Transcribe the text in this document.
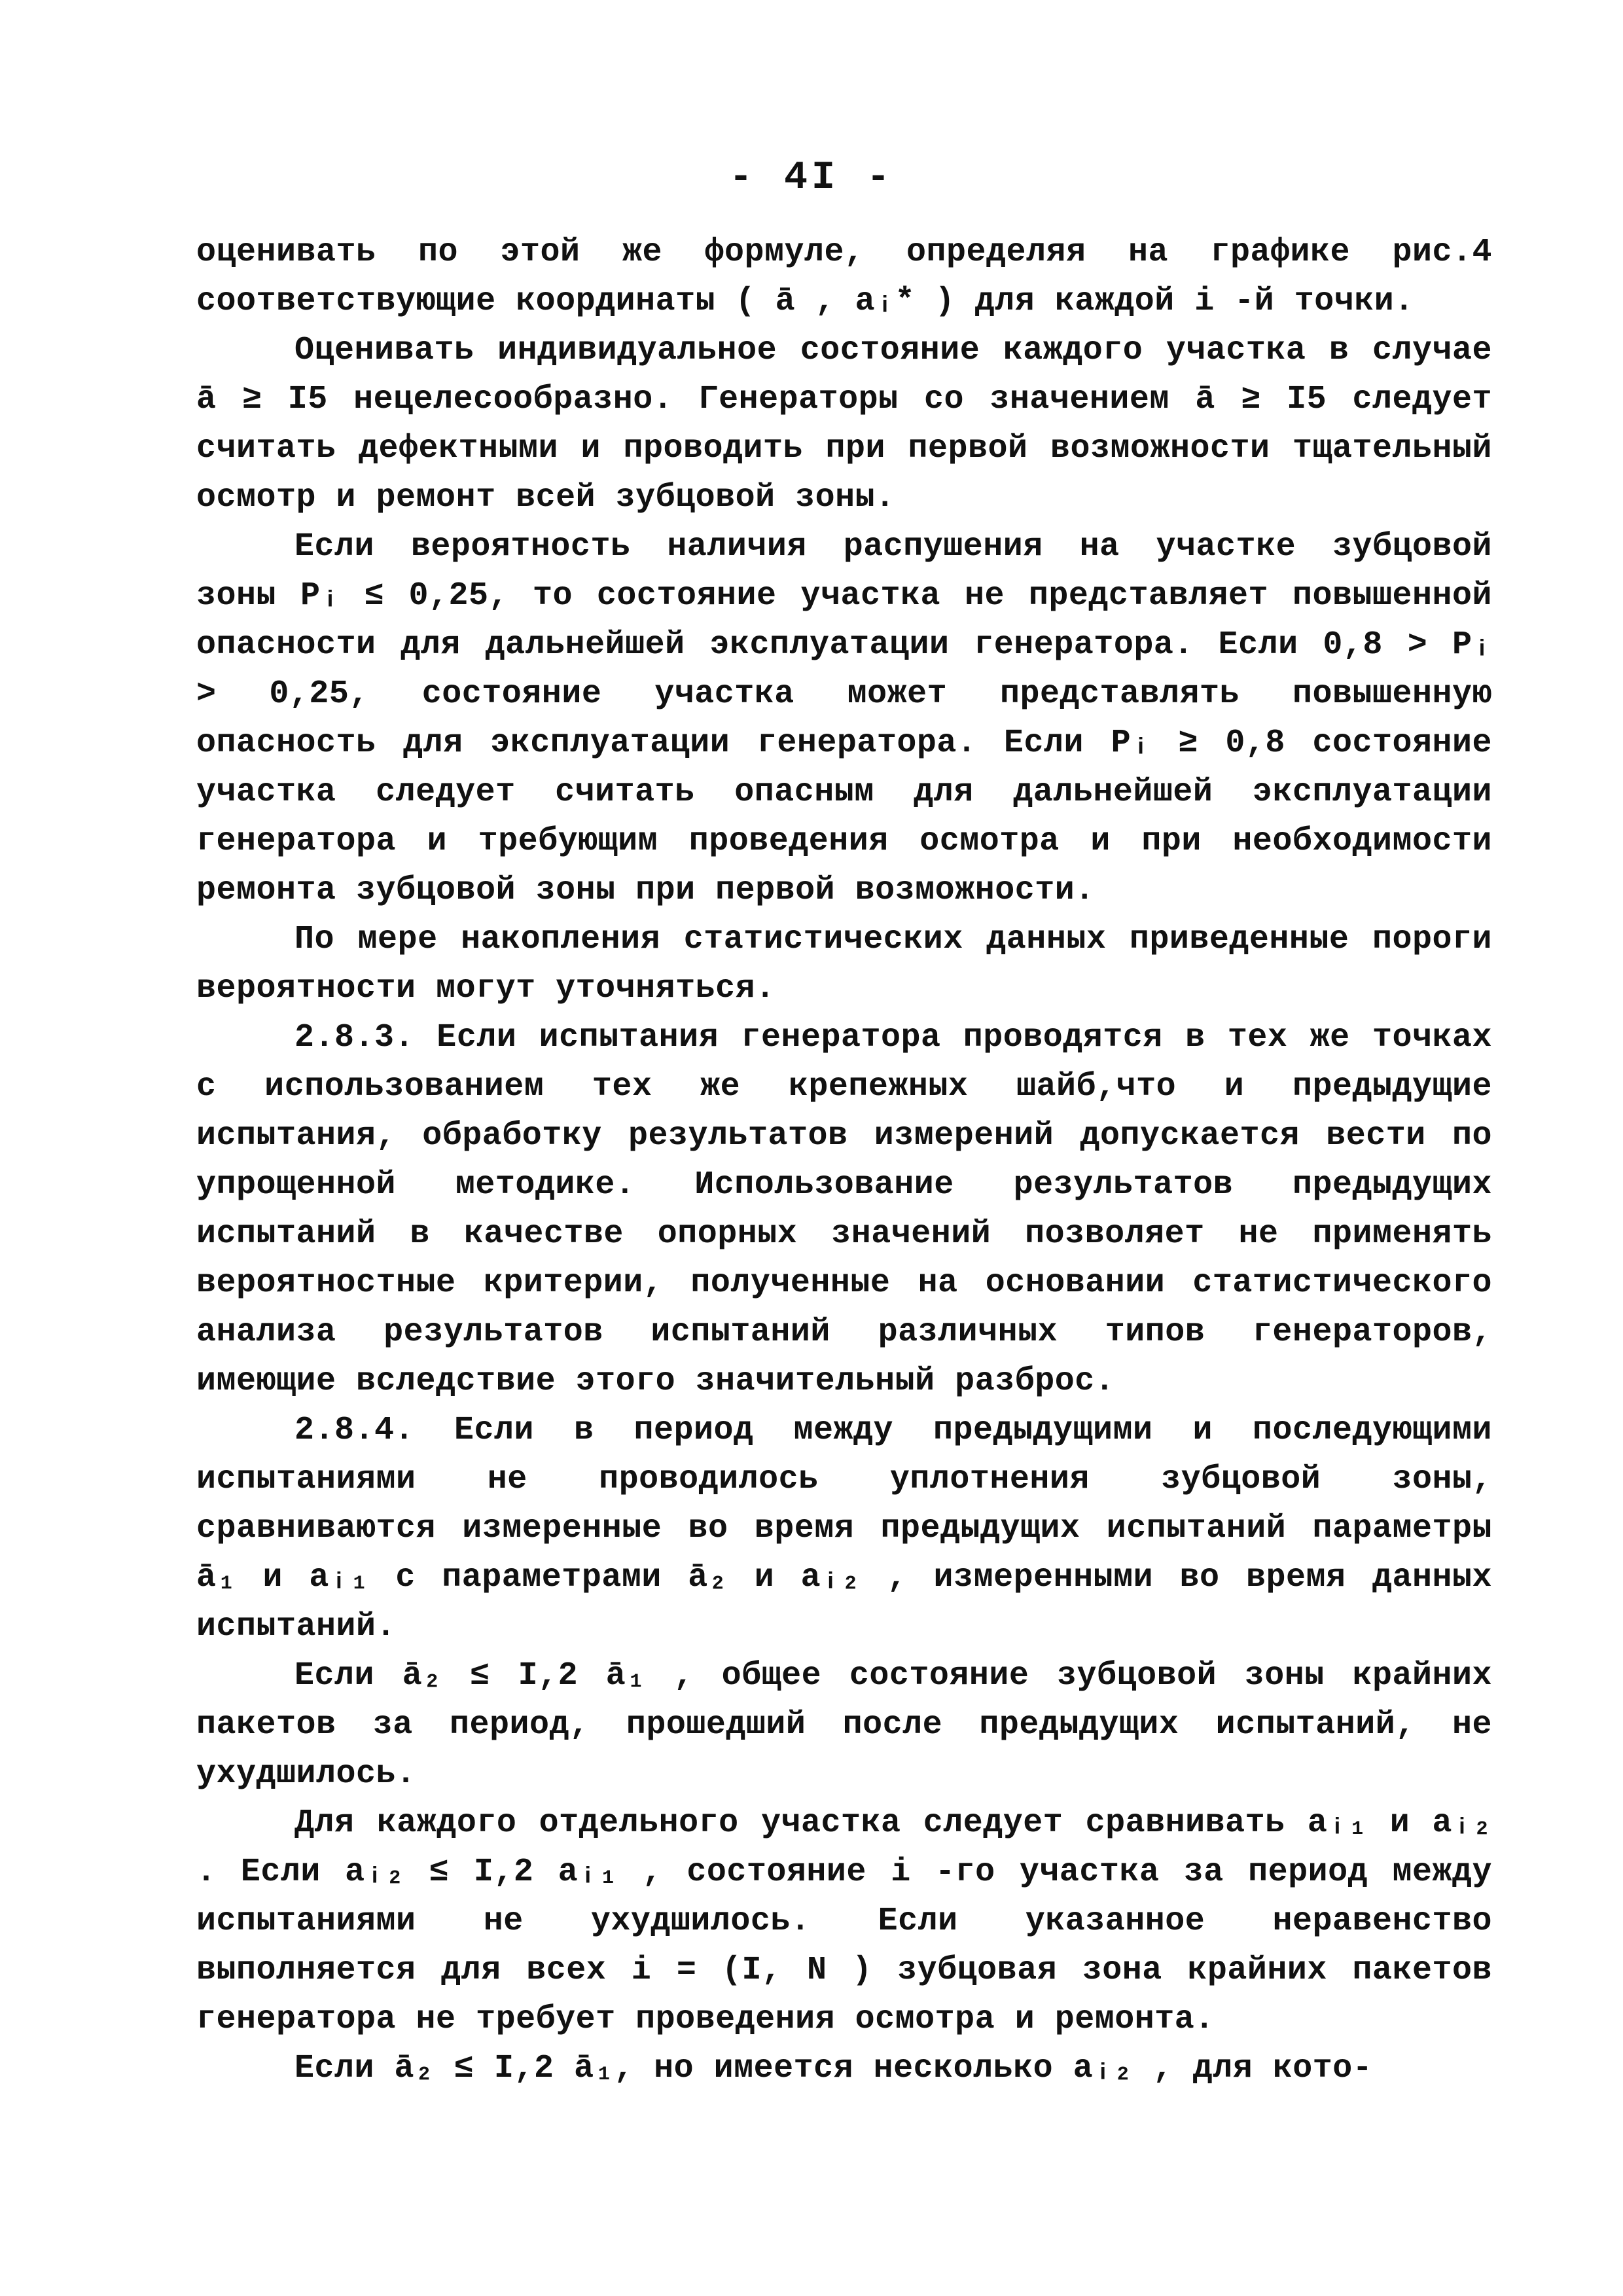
- 4I -

оценивать по этой же формуле, определяя на графике рис.4 соответствующие координаты ( ā , aᵢ* ) для каждой i -й точки.

Оценивать индивидуальное состояние каждого участка в случае ā ≥ I5 нецелесообразно. Генераторы со значением ā ≥ I5 следует считать дефектными и проводить при первой возможности тщательный осмотр и ремонт всей зубцовой зоны.

Если вероятность наличия распушения на участке зубцовой зоны Pᵢ ≤ 0,25, то состояние участка не представляет повышенной опасности для дальнейшей эксплуатации генератора. Если 0,8 > Pᵢ > 0,25, состояние участка может представлять повышенную опасность для эксплуатации генератора. Если Pᵢ ≥ 0,8 состояние участка следует считать опасным для дальнейшей эксплуатации генератора и требующим проведения осмотра и при необходимости ремонта зубцовой зоны при первой возможности.

По мере накопления статистических данных приведенные пороги вероятности могут уточняться.

2.8.3. Если испытания генератора проводятся в тех же точках с использованием тех же крепежных шайб,что и предыдущие испытания, обработку результатов измерений допускается вести по упрощенной методике. Использование результатов предыдущих испытаний в качестве опорных значений позволяет не применять вероятностные критерии, полученные на основании статистического анализа результатов испытаний различных типов генераторов, имеющие вследствие этого значительный разброс.

2.8.4. Если в период между предыдущими и последующими испытаниями не проводилось уплотнения зубцовой зоны, сравниваются измеренные во время предыдущих испытаний параметры ā₁ и aᵢ₁ с параметрами ā₂ и aᵢ₂ , измеренными во время данных испытаний.

Если ā₂ ≤ I,2 ā₁ , общее состояние зубцовой зоны крайних пакетов за период, прошедший после предыдущих испытаний, не ухудшилось.

Для каждого отдельного участка следует сравнивать aᵢ₁ и aᵢ₂ . Если aᵢ₂ ≤ I,2 aᵢ₁ , состояние i -го участка за период между испытаниями не ухудшилось. Если указанное неравенство выполняется для всех i = (I, N ) зубцовая зона крайних пакетов генератора не требует проведения осмотра и ремонта.

Если ā₂ ≤ I,2 ā₁, но имеется несколько aᵢ₂ , для кото-
